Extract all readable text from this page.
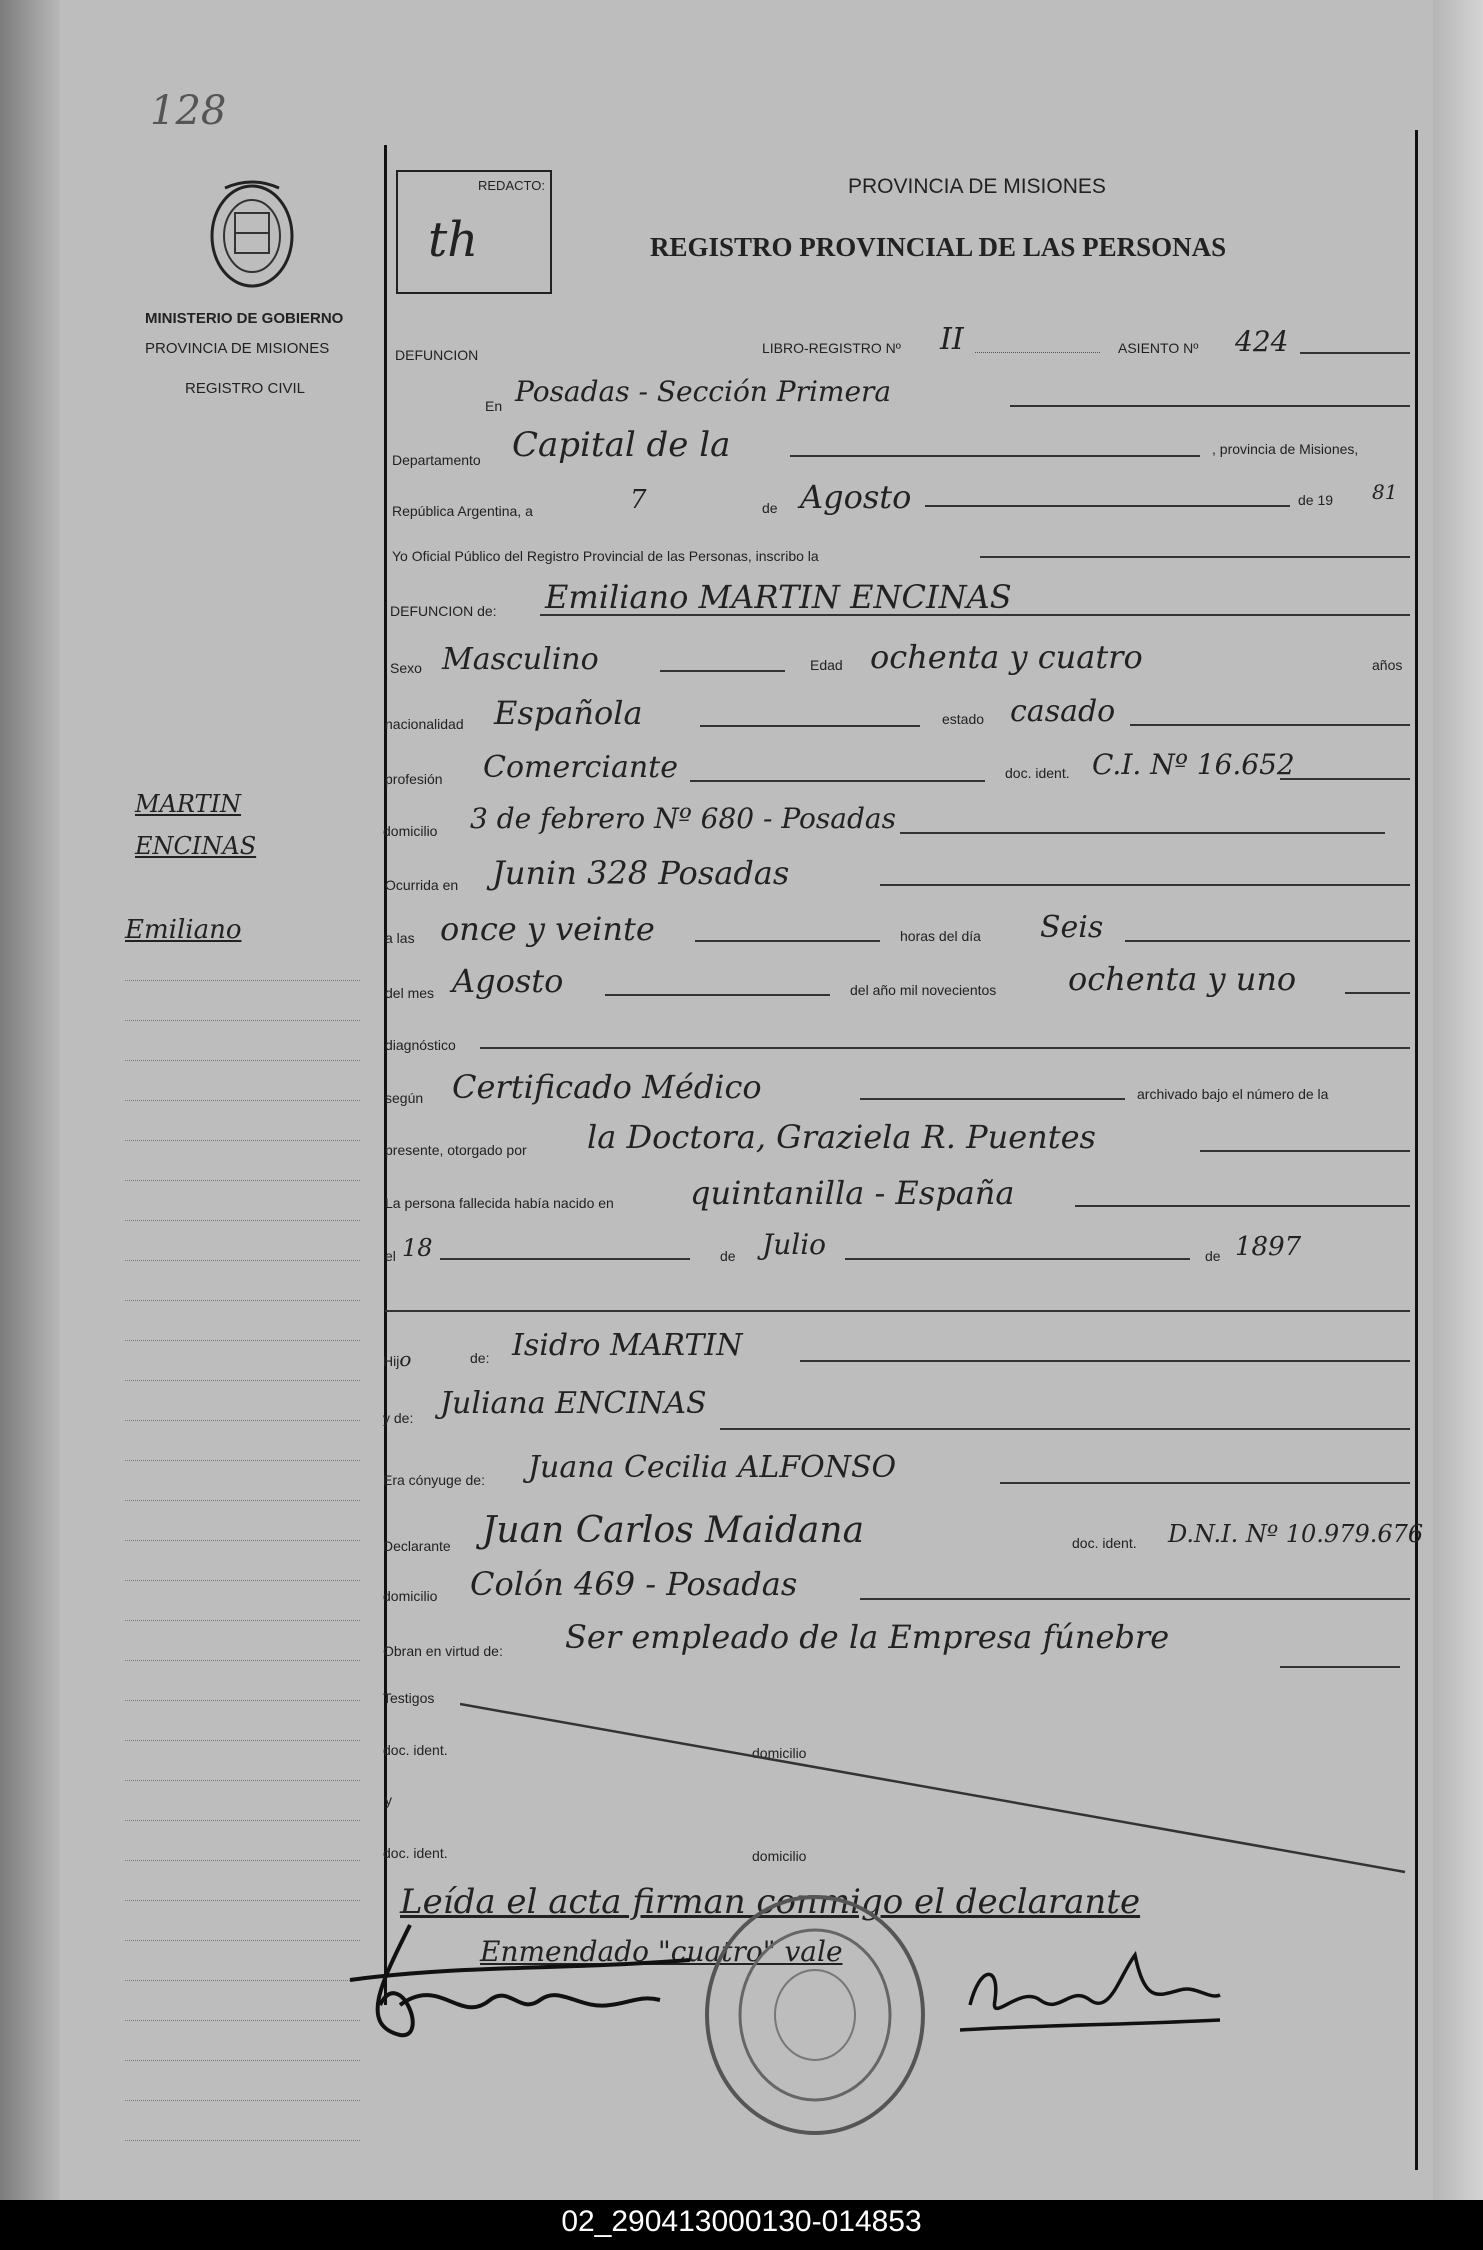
128
MINISTERIO DE GOBIERNO
PROVINCIA DE MISIONES
REGISTRO CIVIL
MARTIN
ENCINAS
Emiliano
REDACTO:
th
PROVINCIA DE MISIONES
REGISTRO PROVINCIAL DE LAS PERSONAS
DEFUNCION	LIBRO-REGISTRO Nº II	ASIENTO Nº 424
En Posadas - Sección Primera
Departamento Capital de la	, provincia de Misiones,
República Argentina, a	7	de Agosto	de 19 81
Yo Oficial Público del Registro Provincial de las Personas, inscribo la
DEFUNCION de: Emiliano MARTIN ENCINAS
Sexo Masculino	Edad ochenta y cuatro	años
nacionalidad Española	estado casado
profesión Comerciante	doc. ident. C.I. Nº 16.652
domicilio 3 de febrero Nº 680 - Posadas
Ocurrida en Junin 328 Posadas
a las once y veinte	horas del día Seis
del mes Agosto	del año mil novecientos ochenta y uno
diagnóstico
según Certificado Médico	archivado bajo el número de la
presente, otorgado por la Doctora, Graziela R. Puentes
La persona fallecida había nacido en quintanilla - España
el 18	de Julio	de 1897
Hijo	de: Isidro MARTIN
y de: Juliana ENCINAS
Era cónyuge de: Juana Cecilia ALFONSO
Declarante Juan Carlos Maidana	doc. ident. D.N.I. Nº 10.979.676
domicilio Colón 469 - Posadas
Obran en virtud de: Ser empleado de la Empresa fúnebre
Testigos
doc. ident.	domicilio
y
doc. ident.	domicilio
Leída el acta firman conmigo el declarante
Enmendado "cuatro" vale
02_290413000130-014853
